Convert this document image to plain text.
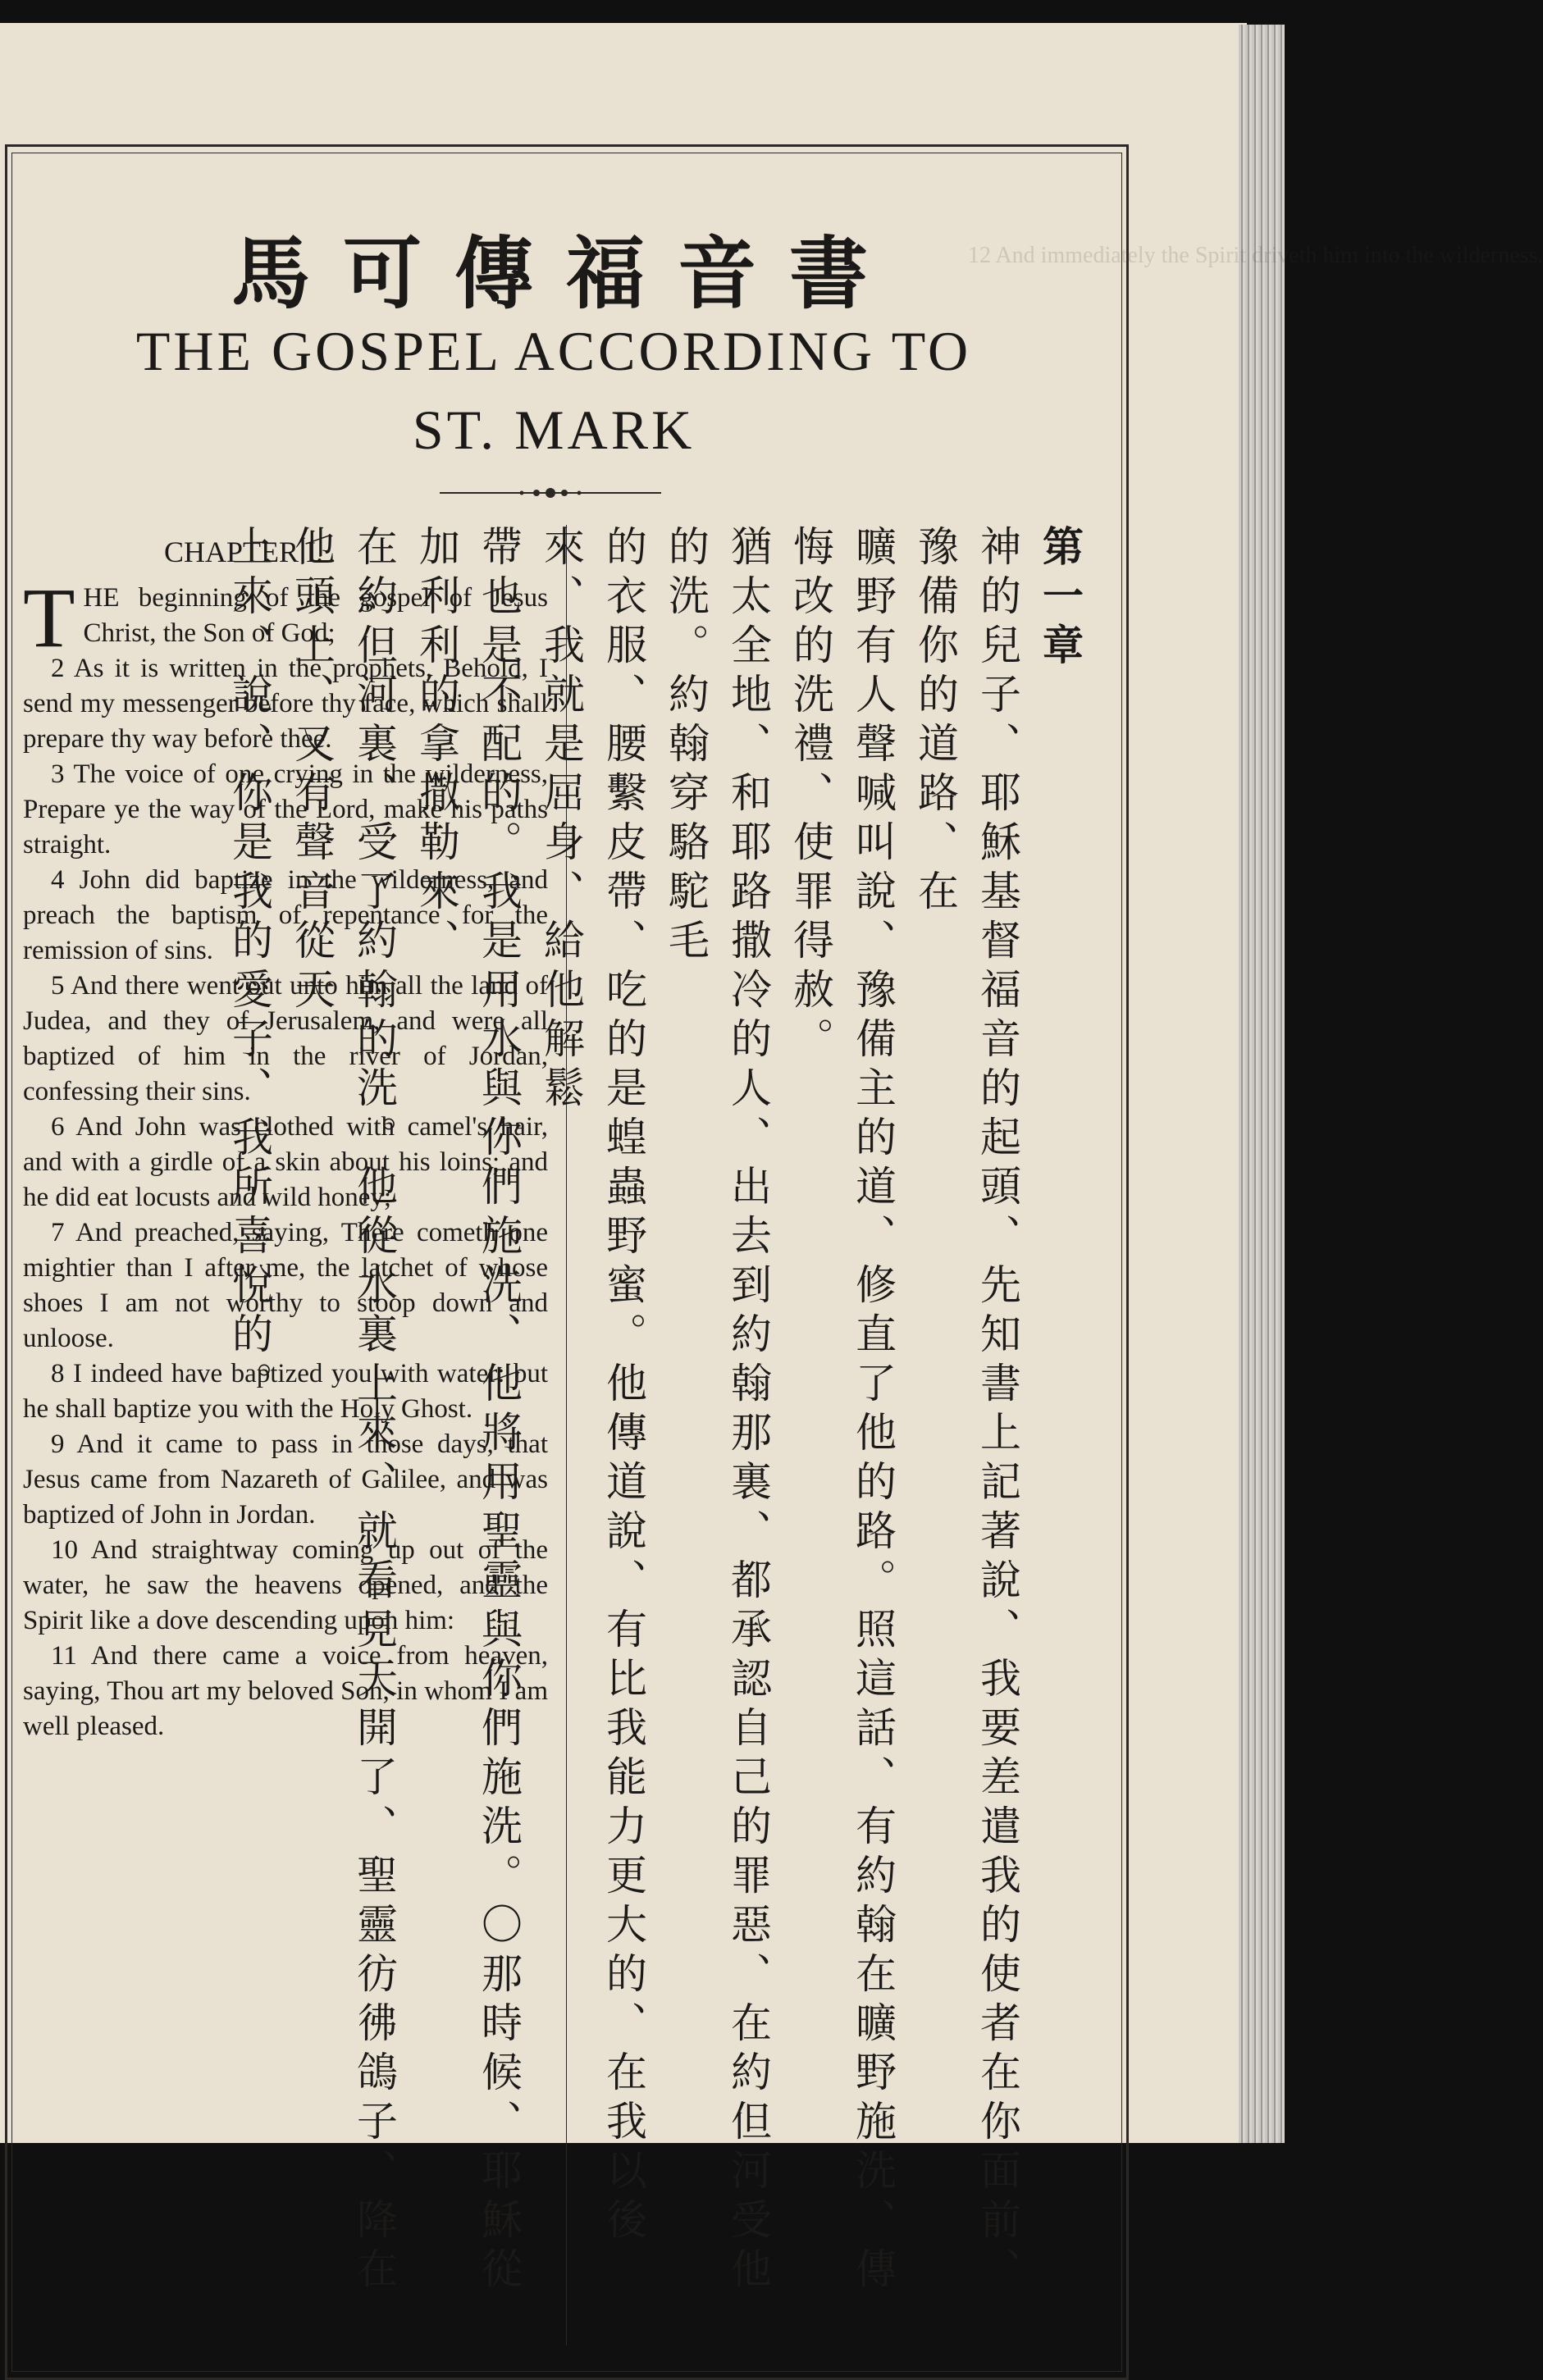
him into the wilderness.
馬可傳福音書
THE GOSPEL ACCORDING TO
ST. MARK
CHAPTER I.

THE beginning of the gospel of Jesus Christ, the Son of God;

2 As it is written in the prophets, Behold, I send my messenger before thy face, which shall prepare thy way before thee.

3 The voice of one crying in the wilderness, Prepare ye the way of the Lord, make his paths straight.

4 John did baptize in the wilderness, and preach the baptism of repentance for the remission of sins.

5 And there went out unto him all the land of Judea, and they of Jerusalem, and were all baptized of him in the river of Jordan, confessing their sins.

6 And John was clothed with camel's hair, and with a girdle of a skin about his loins; and he did eat locusts and wild honey;

7 And preached, saying, There cometh one mightier than I after me, the latchet of whose shoes I am not worthy to stoop down and unloose.

8 I indeed have baptized you with water: but he shall baptize you with the Holy Ghost.

9 And it came to pass in those days, that Jesus came from Nazareth of Galilee, and was baptized of John in Jordan.

10 And straightway coming up out of the water, he saw the heavens opened, and the Spirit like a dove descending upon him:

11 And there came a voice from heaven, saying, Thou art my beloved Son, in whom I am well pleased.

第一章
神的兒子、耶穌基督福音的起頭、先知書上記著說、我要差遣我的使者在你面前、豫備你的道路、在
曠野有人聲喊叫說、豫備主的道、修直了他的路。照這話、有約翰在曠野施洗、傳悔改的洗禮、使罪得赦。
猶太全地、和耶路撒冷的人、出去到約翰那裏、都承認自己的罪惡、在約但河受他的洗。約翰穿駱駝毛
的衣服、腰繫皮帶、吃的是蝗蟲野蜜。他傳道說、有比我能力更大的、在我以後來、我就是屈身、給他解鬆
帶也是不配的。我是用水與你們施洗、他將用聖靈與你們施洗。〇那時候、耶穌從加利利的拿撒勒來、
在約但河裏、受了約翰的洗。他從水裏上來、就看見天開了、聖靈彷彿鴿子、降在他頭上、又有聲音從天
上來、說、你是我的愛子、我所喜悅的。
